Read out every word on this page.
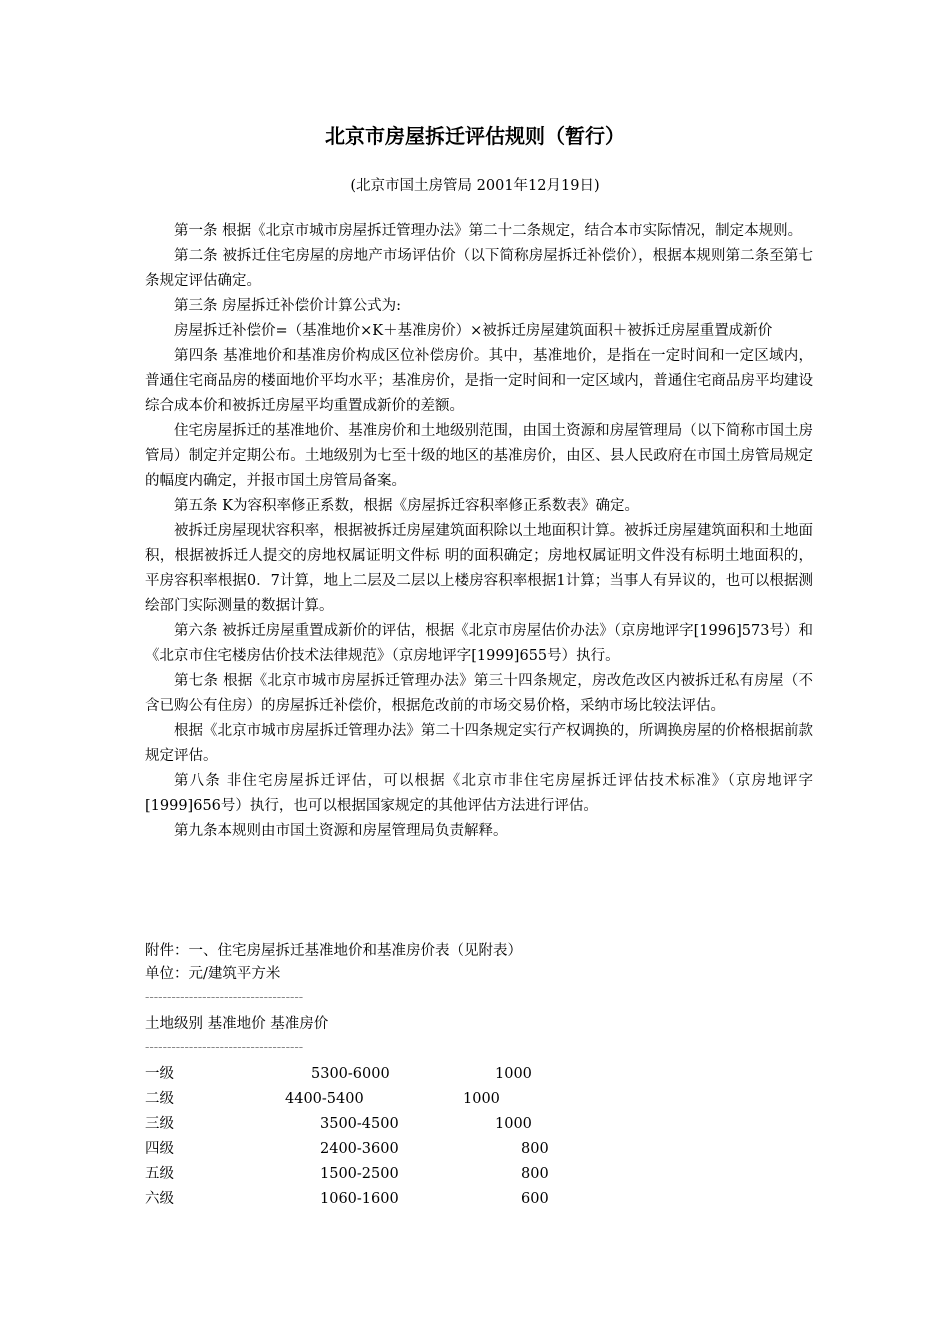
北京市房屋拆迁评估规则（暂行）
(北京市国土房管局 2001年12月19日)

第一条 根据《北京市城市房屋拆迁管理办法》第二十二条规定，结合本市实际情况，制定本规则。

第二条 被拆迁住宅房屋的房地产市场评估价（以下简称房屋拆迁补偿价），根据本规则第二条至第七条规定评估确定。

第三条 房屋拆迁补偿价计算公式为:

房屋拆迁补偿价=（基准地价×K＋基准房价）×被拆迁房屋建筑面积＋被拆迁房屋重置成新价

第四条 基准地价和基准房价构成区位补偿房价。其中，基准地价，是指在一定时间和一定区域内，普通住宅商品房的楼面地价平均水平；基准房价，是指一定时间和一定区域内，普通住宅商品房平均建设综合成本价和被拆迁房屋平均重置成新价的差额。

住宅房屋拆迁的基准地价、基准房价和土地级别范围，由国土资源和房屋管理局（以下简称市国土房管局）制定并定期公布。土地级别为七至十级的地区的基准房价，由区、县人民政府在市国土房管局规定的幅度内确定，并报市国土房管局备案。

第五条 K为容积率修正系数，根据《房屋拆迁容积率修正系数表》确定。

被拆迁房屋现状容积率，根据被拆迁房屋建筑面积除以土地面积计算。被拆迁房屋建筑面积和土地面积，根据被拆迁人提交的房地权属证明文件标 明的面积确定；房地权属证明文件没有标明土地面积的，平房容积率根据0．7计算，地上二层及二层以上楼房容积率根据1计算；当事人有异议的，也可以根据测绘部门实际测量的数据计算。

第六条 被拆迁房屋重置成新价的评估，根据《北京市房屋估价办法》（京房地评字[1996]573号）和《北京市住宅楼房估价技术法律规范》（京房地评字[1999]655号）执行。

第七条 根据《北京市城市房屋拆迁管理办法》第三十四条规定，房改危改区内被拆迁私有房屋（不含已购公有住房）的房屋拆迁补偿价，根据危改前的市场交易价格，采纳市场比较法评估。

根据《北京市城市房屋拆迁管理办法》第二十四条规定实行产权调换的，所调换房屋的价格根据前款规定评估。

第八条 非住宅房屋拆迁评估，可以根据《北京市非住宅房屋拆迁评估技术标准》（京房地评字[1999]656号）执行，也可以根据国家规定的其他评估方法进行评估。

第九条本规则由市国土资源和房屋管理局负责解释。

附件：一、住宅房屋拆迁基准地价和基准房价表（见附表）
单位：元/建筑平方米
------------------------------------
土地级别 基准地价 基准房价
------------------------------------
一级	5300-6000	1000
二级	4400-5400	1000
三级	3500-4500	1000
四级	2400-3600	800
五级	1500-2500	800
六级	1060-1600	600
